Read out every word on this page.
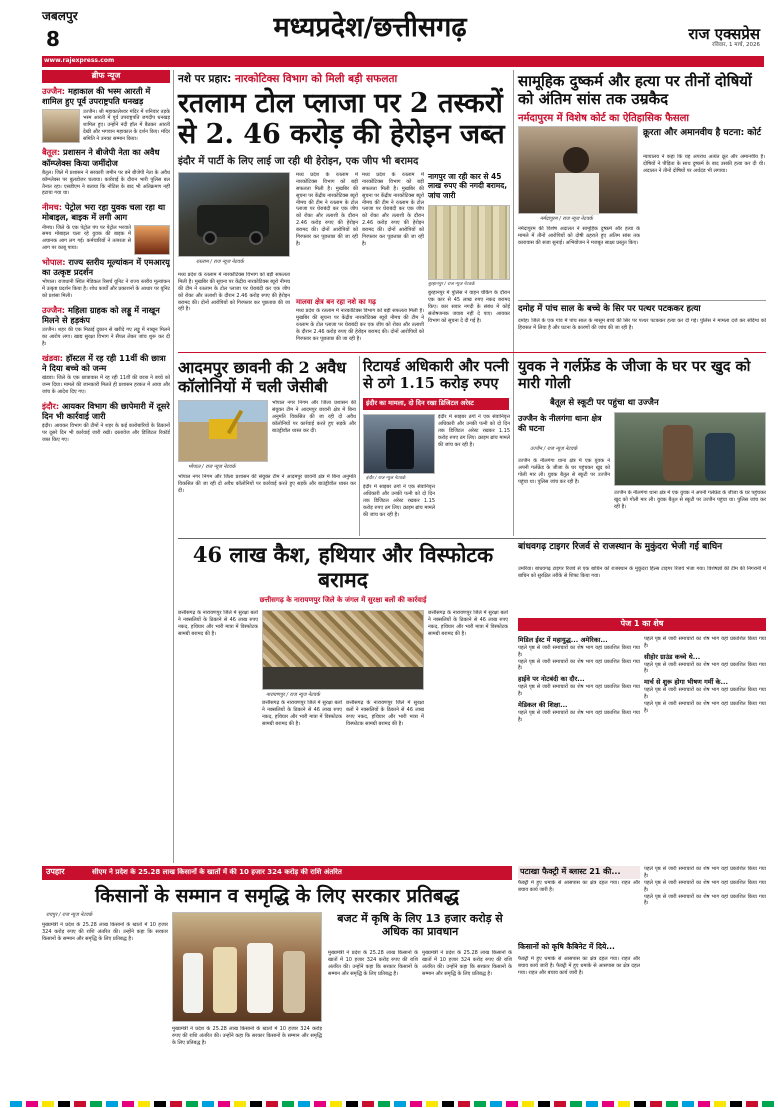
जबलपुर
8	मध्यप्रदेश/छत्तीसगढ़	राज एक्सप्रेस
रविवार, 1 मार्च, 2026
www.rajexpress.com
ब्रीफ न्यूज
उज्जैन: महाकाल की भस्म आरती में शामिल हुए पूर्व उपराष्ट्रपति धनखड़

उज्जैन। श्री महाकालेश्वर मंदिर में शनिवार तड़के भस्म आरती में पूर्व उपराष्ट्रपति जगदीप धनखड़ शामिल हुए। उन्होंने नंदी हॉल में बैठकर आरती देखी और भगवान महाकाल के दर्शन किए। मंदिर समिति ने उनका सम्मान किया।

बैतूल: प्रशासन ने बीजेपी नेता का अवैध कॉम्प्लेक्स किया जमींदोज

बैतूल। जिले में प्रशासन ने सरकारी जमीन पर बने बीजेपी नेता के अवैध कॉम्प्लेक्स पर बुलडोजर चलाया। कार्रवाई के दौरान भारी पुलिस बल तैनात रहा। एसडीएम ने बताया कि नोटिस के बाद भी अतिक्रमण नहीं हटाया गया था।

नीमच: पेट्रोल भरा रहा युवक चला रहा था मोबाइल, बाइक में लगी आग

नीमच। जिले के एक पेट्रोल पंप पर पेट्रोल भरवाते समय मोबाइल चला रहे युवक की बाइक में अचानक आग लग गई। कर्मचारियों ने तत्परता से आग पर काबू पाया।

भोपाल: राज्य स्तरीय मूल्यांकन में एमआरयू का उत्कृष्ट प्रदर्शन

भोपाल। राजधानी स्थित मेडिकल रिसर्च यूनिट ने राज्य स्तरीय मूल्यांकन में उत्कृष्ट प्रदर्शन किया है। शोध कार्यों और प्रकाशनों के आधार पर यूनिट को प्रशंसा मिली।

उज्जैन: महिला ग्राहक को लड्डू में नाखून मिलने से हड़कंप

उज्जैन। शहर की एक मिठाई दुकान से खरीदे गए लड्डू में नाखून मिलने का आरोप लगा। खाद्य सुरक्षा विभाग ने सैंपल लेकर जांच शुरू कर दी है।

खंडवा: हॉस्टल में रह रही 11वीं की छात्रा ने दिया बच्चे को जन्म

खंडवा। जिले के एक छात्रावास में रह रही 11वीं की छात्रा ने बच्चे को जन्म दिया। मामले की जानकारी मिलते ही प्रशासन हरकत में आया और जांच के आदेश दिए गए।

इंदौर: आयकर विभाग की छापेमारी में दूसरे दिन भी कार्रवाई जारी

इंदौर। आयकर विभाग की टीमों ने शहर के कई कारोबारियों के ठिकानों पर दूसरे दिन भी कार्रवाई जारी रखी। दस्तावेज और डिजिटल रिकॉर्ड जब्त किए गए।

नशे पर प्रहार: नारकोटिक्स विभाग को मिली बड़ी सफलता
रतलाम टोल प्लाजा पर 2 तस्करों से 2. 46 करोड़ की हेरोइन जब्त
इंदौर में पार्टी के लिए लाई जा रही थी हेरोइन, एक जीप भी बरामद
रतलाम / राज न्यूज नेटवर्क
मध्य प्रदेश के रतलाम में नारकोटिक्स विभाग को बड़ी सफलता मिली है। मुखबिर की सूचना पर केंद्रीय नारकोटिक्स ब्यूरो नीमच की टीम ने रतलाम के टोल प्लाजा पर घेराबंदी कर एक जीप को रोका और तलाशी के दौरान 2.46 करोड़ रुपए की हेरोइन बरामद की। दोनों आरोपियों को गिरफ्तार कर पूछताछ की जा रही है।
मध्य प्रदेश के रतलाम में नारकोटिक्स विभाग को बड़ी सफलता मिली है। मुखबिर की सूचना पर केंद्रीय नारकोटिक्स ब्यूरो नीमच की टीम ने रतलाम के टोल प्लाजा पर घेराबंदी कर एक जीप को रोका और तलाशी के दौरान 2.46 करोड़ रुपए की हेरोइन बरामद की। दोनों आरोपियों को गिरफ्तार कर पूछताछ की जा रही है।
मध्य प्रदेश के रतलाम में नारकोटिक्स विभाग को बड़ी सफलता मिली है। मुखबिर की सूचना पर केंद्रीय नारकोटिक्स ब्यूरो नीमच की टीम ने रतलाम के टोल प्लाजा पर घेराबंदी कर एक जीप को रोका और तलाशी के दौरान 2.46 करोड़ रुपए की हेरोइन बरामद की। दोनों आरोपियों को गिरफ्तार कर पूछताछ की जा रही है।
मालवा क्षेत्र बन रहा नशे का गढ़
मध्य प्रदेश के रतलाम में नारकोटिक्स विभाग को बड़ी सफलता मिली है। मुखबिर की सूचना पर केंद्रीय नारकोटिक्स ब्यूरो नीमच की टीम ने रतलाम के टोल प्लाजा पर घेराबंदी कर एक जीप को रोका और तलाशी के दौरान 2.46 करोड़ रुपए की हेरोइन बरामद की। दोनों आरोपियों को गिरफ्तार कर पूछताछ की जा रही है।
नागपुर जा रही कार से 45 लाख रुपए की नगदी बरामद, जांच जारी
बुरहानपुर / राज न्यूज नेटवर्क
बुरहानपुर में पुलिस ने वाहन चेकिंग के दौरान एक कार से 45 लाख रुपए नकद बरामद किए। कार सवार नगदी के संबंध में कोई संतोषजनक जवाब नहीं दे पाए। आयकर विभाग को सूचना दे दी गई है।
सामूहिक दुष्कर्म और हत्या पर तीनों दोषियों को अंतिम सांस तक उम्रकैद
नर्मदापुरम में विशेष कोर्ट का ऐतिहासिक फैसला
नर्मदापुरम / राज न्यूज नेटवर्क
क्रूरता और अमानवीय है घटना: कोर्ट
न्यायालय ने कहा कि यह अपराध अत्यंत क्रूर और अमानवीय है। दोषियों ने पीड़िता के साथ दुष्कर्म के बाद उसकी हत्या कर दी थी। अदालत ने तीनों दोषियों पर अर्थदंड भी लगाया।
नर्मदापुरम की विशेष अदालत ने सामूहिक दुष्कर्म और हत्या के मामले में तीनों आरोपियों को दोषी ठहराते हुए अंतिम सांस तक कारावास की सजा सुनाई। अभियोजन ने मजबूत साक्ष्य प्रस्तुत किए।
दमोह में पांच साल के बच्चे के सिर पर पत्थर पटककर हत्या
दमोह। जिले के एक गांव में पांच साल के मासूम बच्चे की सिर पर पत्थर पटककर हत्या कर दी गई। पुलिस ने मामला दर्ज कर संदिग्ध को हिरासत में लिया है और घटना के कारणों की जांच की जा रही है।
आदमपुर छावनी की 2 अवैध कॉलोनियों में चली जेसीबी
भोपाल / राज न्यूज नेटवर्क
भोपाल नगर निगम और जिला प्रशासन की संयुक्त टीम ने आदमपुर छावनी क्षेत्र में बिना अनुमति विकसित की जा रही दो अवैध कॉलोनियों पर कार्रवाई करते हुए सड़कें और बाउंड्रीवॉल ध्वस्त कर दीं।
भोपाल नगर निगम और जिला प्रशासन की संयुक्त टीम ने आदमपुर छावनी क्षेत्र में बिना अनुमति विकसित की जा रही दो अवैध कॉलोनियों पर कार्रवाई करते हुए सड़कें और बाउंड्रीवॉल ध्वस्त कर दीं।
रिटायर्ड अधिकारी और पत्नी से ठगे 1.15 करोड़ रुपए
इंदौर का मामला, दो दिन रखा डिजिटल अरेस्ट
इंदौर / राज न्यूज नेटवर्क
इंदौर में साइबर ठगों ने एक सेवानिवृत्त अधिकारी और उनकी पत्नी को दो दिन तक डिजिटल अरेस्ट रखकर 1.15 करोड़ रुपए ठग लिए। क्राइम ब्रांच मामले की जांच कर रही है।
इंदौर में साइबर ठगों ने एक सेवानिवृत्त अधिकारी और उनकी पत्नी को दो दिन तक डिजिटल अरेस्ट रखकर 1.15 करोड़ रुपए ठग लिए। क्राइम ब्रांच मामले की जांच कर रही है।
युवक ने गर्लफ्रेंड के जीजा के घर पर खुद को मारी गोली
बैतूल से स्कूटी पर पहुंचा था उज्जैन
उज्जैन के नीलगंगा थाना क्षेत्र की घटना
उज्जैन / राज न्यूज नेटवर्क
उज्जैन के नीलगंगा थाना क्षेत्र में एक युवक ने अपनी गर्लफ्रेंड के जीजा के घर पहुंचकर खुद को गोली मार ली। युवक बैतूल से स्कूटी पर उज्जैन पहुंचा था। पुलिस जांच कर रही है।
उज्जैन के नीलगंगा थाना क्षेत्र में एक युवक ने अपनी गर्लफ्रेंड के जीजा के घर पहुंचकर खुद को गोली मार ली। युवक बैतूल से स्कूटी पर उज्जैन पहुंचा था। पुलिस जांच कर रही है।
46 लाख कैश, हथियार और विस्फोटक बरामद
छत्तीसगढ़ के नारायणपुर जिले के जंगल में सुरक्षा बलों की कार्रवाई
छत्तीसगढ़ के नारायणपुर जिले में सुरक्षा बलों ने नक्सलियों के ठिकाने से 46 लाख रुपए नकद, हथियार और भारी मात्रा में विस्फोटक सामग्री बरामद की है।
नारायणपुर / राज न्यूज नेटवर्क
छत्तीसगढ़ के नारायणपुर जिले में सुरक्षा बलों ने नक्सलियों के ठिकाने से 46 लाख रुपए नकद, हथियार और भारी मात्रा में विस्फोटक सामग्री बरामद की है।
छत्तीसगढ़ के नारायणपुर जिले में सुरक्षा बलों ने नक्सलियों के ठिकाने से 46 लाख रुपए नकद, हथियार और भारी मात्रा में विस्फोटक सामग्री बरामद की है।
छत्तीसगढ़ के नारायणपुर जिले में सुरक्षा बलों ने नक्सलियों के ठिकाने से 46 लाख रुपए नकद, हथियार और भारी मात्रा में विस्फोटक सामग्री बरामद की है।
बांधवगढ़ टाइगर रिजर्व से राजस्थान के मुकुंदरा भेजी गई बाघिन
उमरिया। बांधवगढ़ टाइगर रिजर्व से एक बाघिन को राजस्थान के मुकुंदरा हिल्स टाइगर रिजर्व भेजा गया। विशेषज्ञों की टीम की निगरानी में बाघिन को सुरक्षित तरीके से शिफ्ट किया गया।
पेज 1 का शेष
मिडिल ईस्ट में महायुद्ध... अमेरिका...
पहले पृष्ठ से जारी समाचारों का शेष भाग यहां प्रकाशित किया गया है।
पहले पृष्ठ से जारी समाचारों का शेष भाग यहां प्रकाशित किया गया है।
हाईवे पर नोटबंदी का दौर...
पहले पृष्ठ से जारी समाचारों का शेष भाग यहां प्रकाशित किया गया है।
मेडिकल की शिक्षा...
पहले पृष्ठ से जारी समाचारों का शेष भाग यहां प्रकाशित किया गया है।
पहले पृष्ठ से जारी समाचारों का शेष भाग यहां प्रकाशित किया गया है।
सीहोर ग्राउंड कच्चे थे...
पहले पृष्ठ से जारी समाचारों का शेष भाग यहां प्रकाशित किया गया है।
मार्च से शुरू होगा भीषण गर्मी के...
पहले पृष्ठ से जारी समाचारों का शेष भाग यहां प्रकाशित किया गया है।
पहले पृष्ठ से जारी समाचारों का शेष भाग यहां प्रकाशित किया गया है।
उपहार	सीएम ने प्रदेश के 25.28 लाख किसानों के खातों में की 10 हजार 324 करोड़ की राशि अंतरित
किसानों के सम्मान व समृद्धि के लिए सरकार प्रतिबद्ध
रायपुर / राज न्यूज नेटवर्क
मुख्यमंत्री ने प्रदेश के 25.28 लाख किसानों के खातों में 10 हजार 324 करोड़ रुपए की राशि अंतरित की। उन्होंने कहा कि सरकार किसानों के सम्मान और समृद्धि के लिए प्रतिबद्ध है।
बजट में कृषि के लिए 13 हजार करोड़ से अधिक का प्रावधान
मुख्यमंत्री ने प्रदेश के 25.28 लाख किसानों के खातों में 10 हजार 324 करोड़ रुपए की राशि अंतरित की। उन्होंने कहा कि सरकार किसानों के सम्मान और समृद्धि के लिए प्रतिबद्ध है।
मुख्यमंत्री ने प्रदेश के 25.28 लाख किसानों के खातों में 10 हजार 324 करोड़ रुपए की राशि अंतरित की। उन्होंने कहा कि सरकार किसानों के सम्मान और समृद्धि के लिए प्रतिबद्ध है।
मुख्यमंत्री ने प्रदेश के 25.28 लाख किसानों के खातों में 10 हजार 324 करोड़ रुपए की राशि अंतरित की। उन्होंने कहा कि सरकार किसानों के सम्मान और समृद्धि के लिए प्रतिबद्ध है।
पटाखा फैक्ट्री में ब्लास्ट 21 की...
फैक्ट्री में हुए धमाके से आसपास का क्षेत्र दहल गया। राहत और बचाव कार्य जारी है।
किसानों को कृषि कैबिनेट में दिये...
फैक्ट्री में हुए धमाके से आसपास का क्षेत्र दहल गया। राहत और बचाव कार्य जारी है। फैक्ट्री में हुए धमाके से आसपास का क्षेत्र दहल गया। राहत और बचाव कार्य जारी है।
पहले पृष्ठ से जारी समाचारों का शेष भाग यहां प्रकाशित किया गया है।
पहले पृष्ठ से जारी समाचारों का शेष भाग यहां प्रकाशित किया गया है।
पहले पृष्ठ से जारी समाचारों का शेष भाग यहां प्रकाशित किया गया है।
